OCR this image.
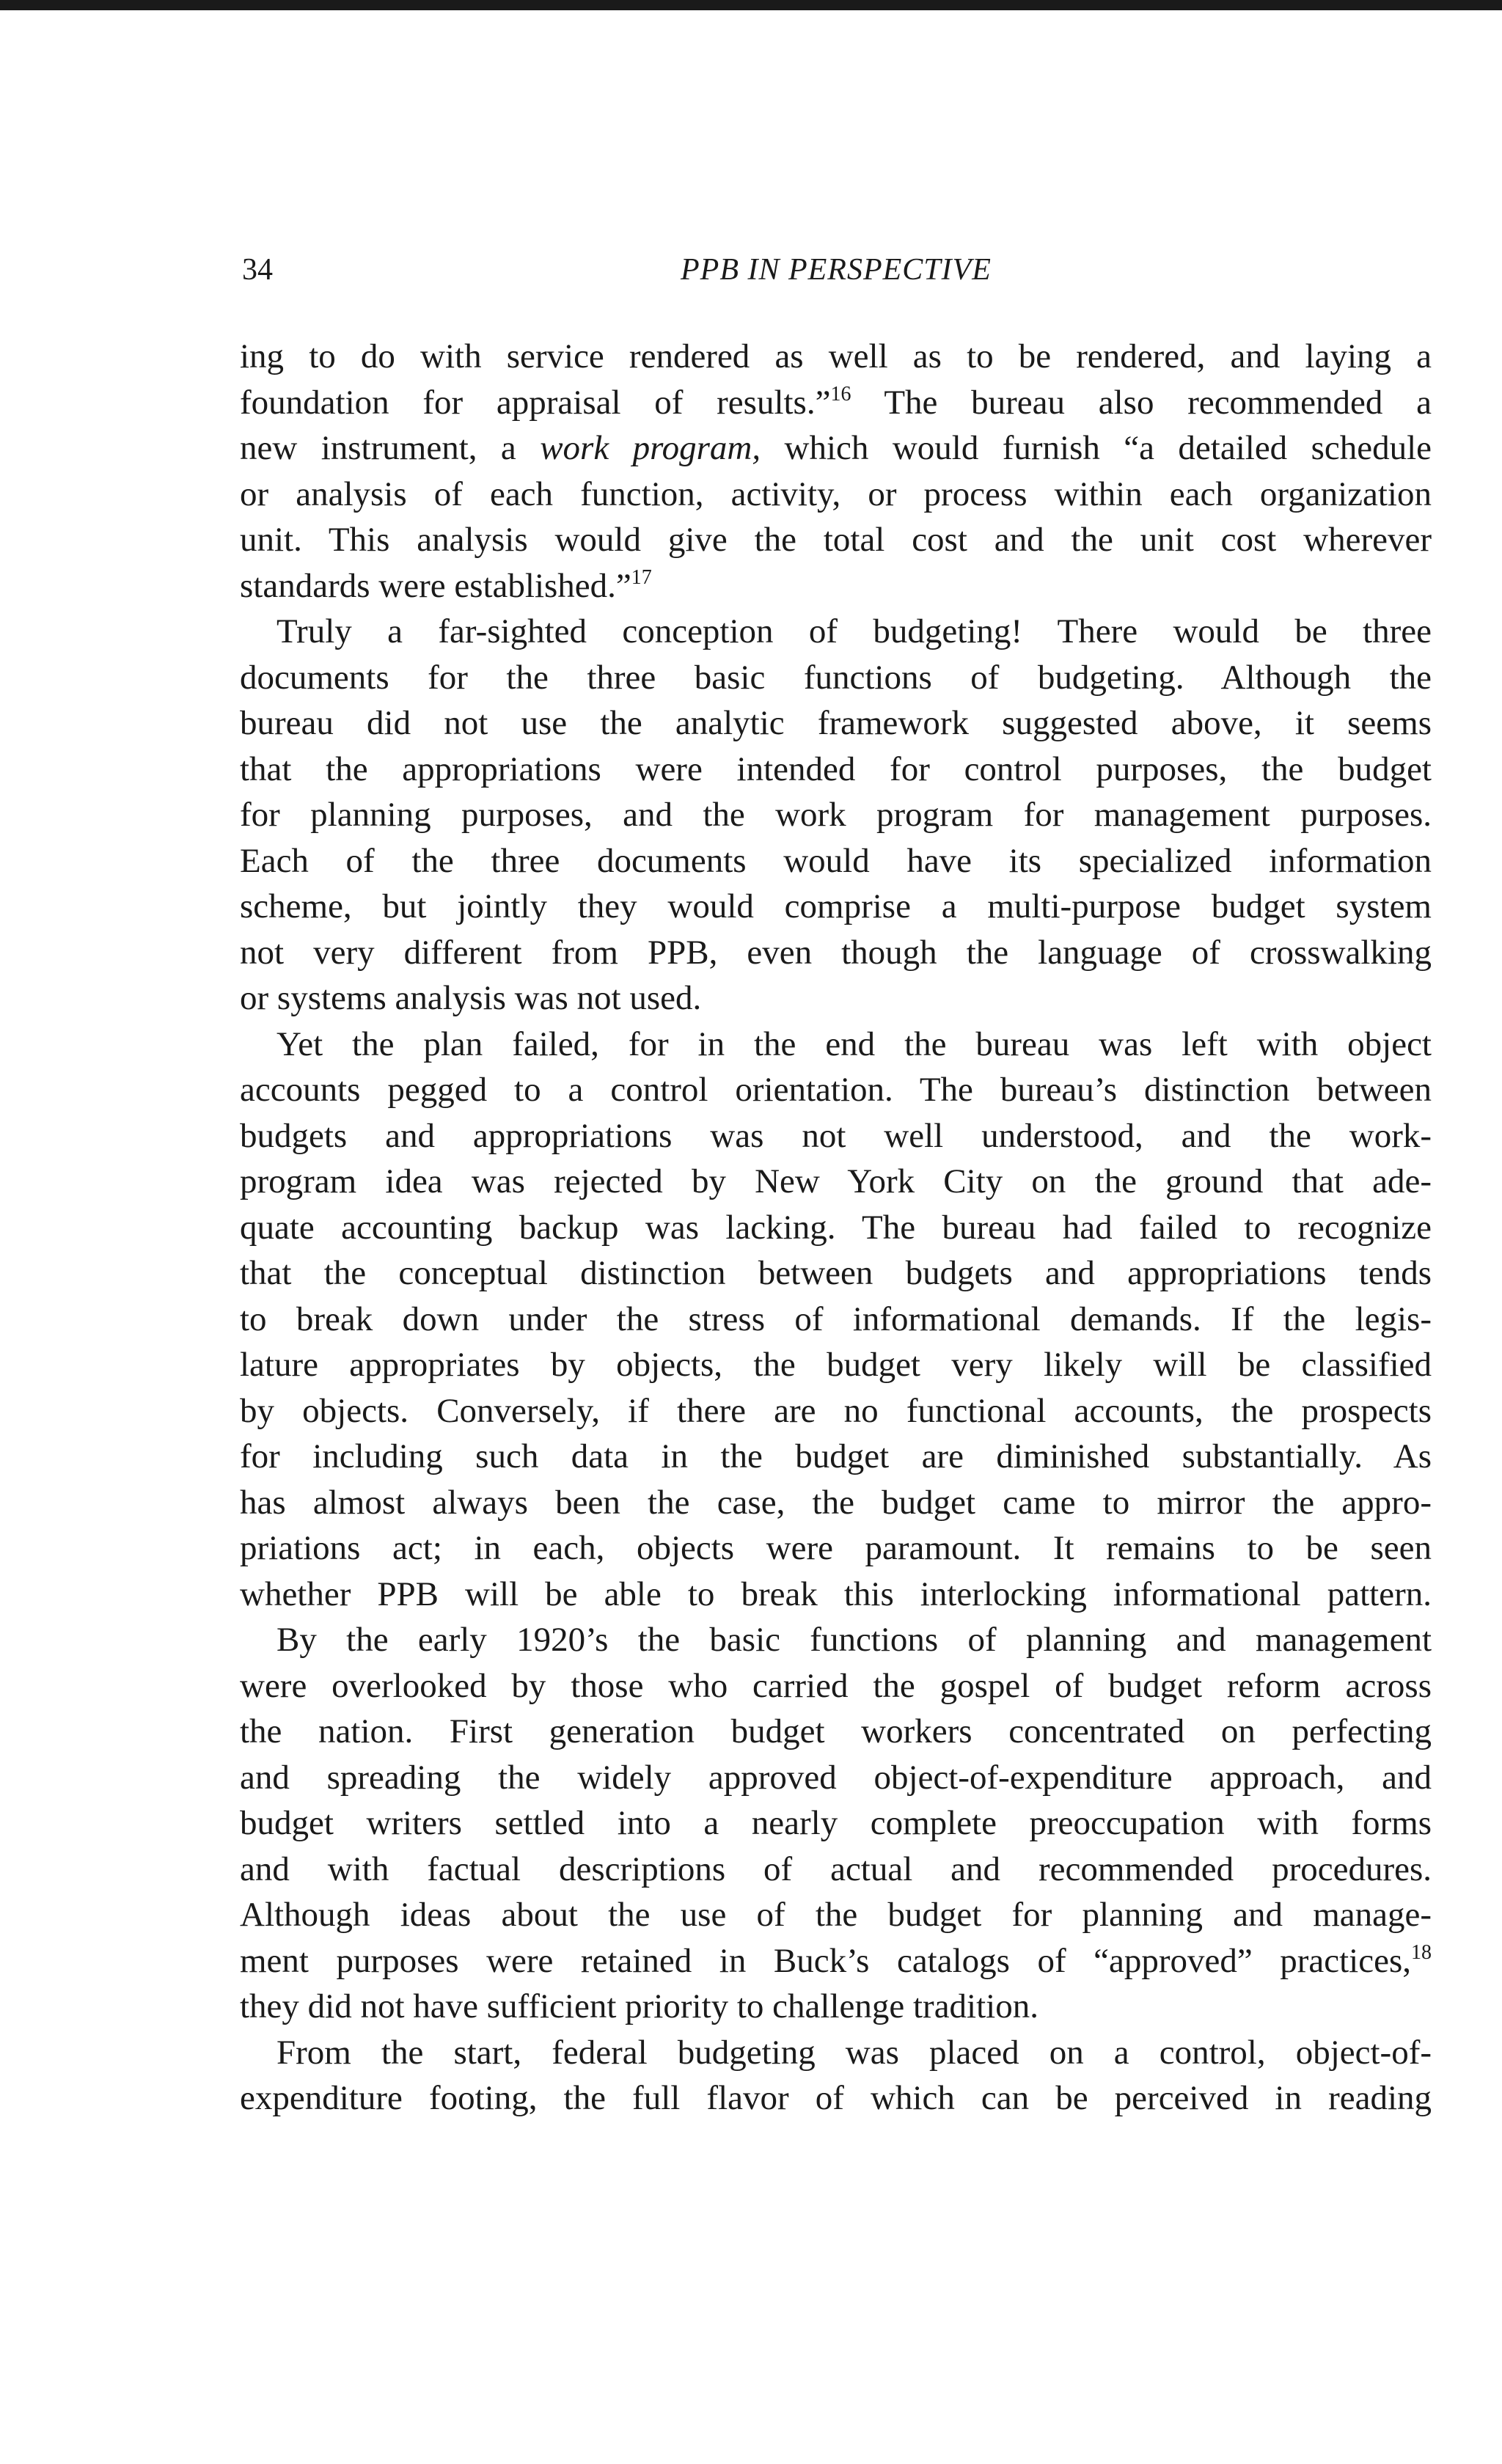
34	PPB IN PERSPECTIVE
ing to do with service rendered as well as to be rendered, and laying a
foundation for appraisal of results.”$^{16}$ The bureau also recommended a
new instrument, a work program, which would furnish “a detailed schedule
or analysis of each function, activity, or process within each organization
unit. This analysis would give the total cost and the unit cost wherever
standards were established.”$^{17}$
Truly a far-sighted conception of budgeting! There would be three
documents for the three basic functions of budgeting. Although the
bureau did not use the analytic framework suggested above, it seems
that the appropriations were intended for control purposes, the budget
for planning purposes, and the work program for management purposes.
Each of the three documents would have its specialized information
scheme, but jointly they would comprise a multi-purpose budget system
not very different from PPB, even though the language of crosswalking
or systems analysis was not used.
Yet the plan failed, for in the end the bureau was left with object
accounts pegged to a control orientation. The bureau’s distinction between
budgets and appropriations was not well understood, and the work-
program idea was rejected by New York City on the ground that ade-
quate accounting backup was lacking. The bureau had failed to recognize
that the conceptual distinction between budgets and appropriations tends
to break down under the stress of informational demands. If the legis-
lature appropriates by objects, the budget very likely will be classified
by objects. Conversely, if there are no functional accounts, the prospects
for including such data in the budget are diminished substantially. As
has almost always been the case, the budget came to mirror the appro-
priations act; in each, objects were paramount. It remains to be seen
whether PPB will be able to break this interlocking informational pattern.
By the early 1920’s the basic functions of planning and management
were overlooked by those who carried the gospel of budget reform across
the nation. First generation budget workers concentrated on perfecting
and spreading the widely approved object-of-expenditure approach, and
budget writers settled into a nearly complete preoccupation with forms
and with factual descriptions of actual and recommended procedures.
Although ideas about the use of the budget for planning and manage-
ment purposes were retained in Buck’s catalogs of “approved” practices,$^{18}$
they did not have sufficient priority to challenge tradition.
From the start, federal budgeting was placed on a control, object-of-
expenditure footing, the full flavor of which can be perceived in reading
